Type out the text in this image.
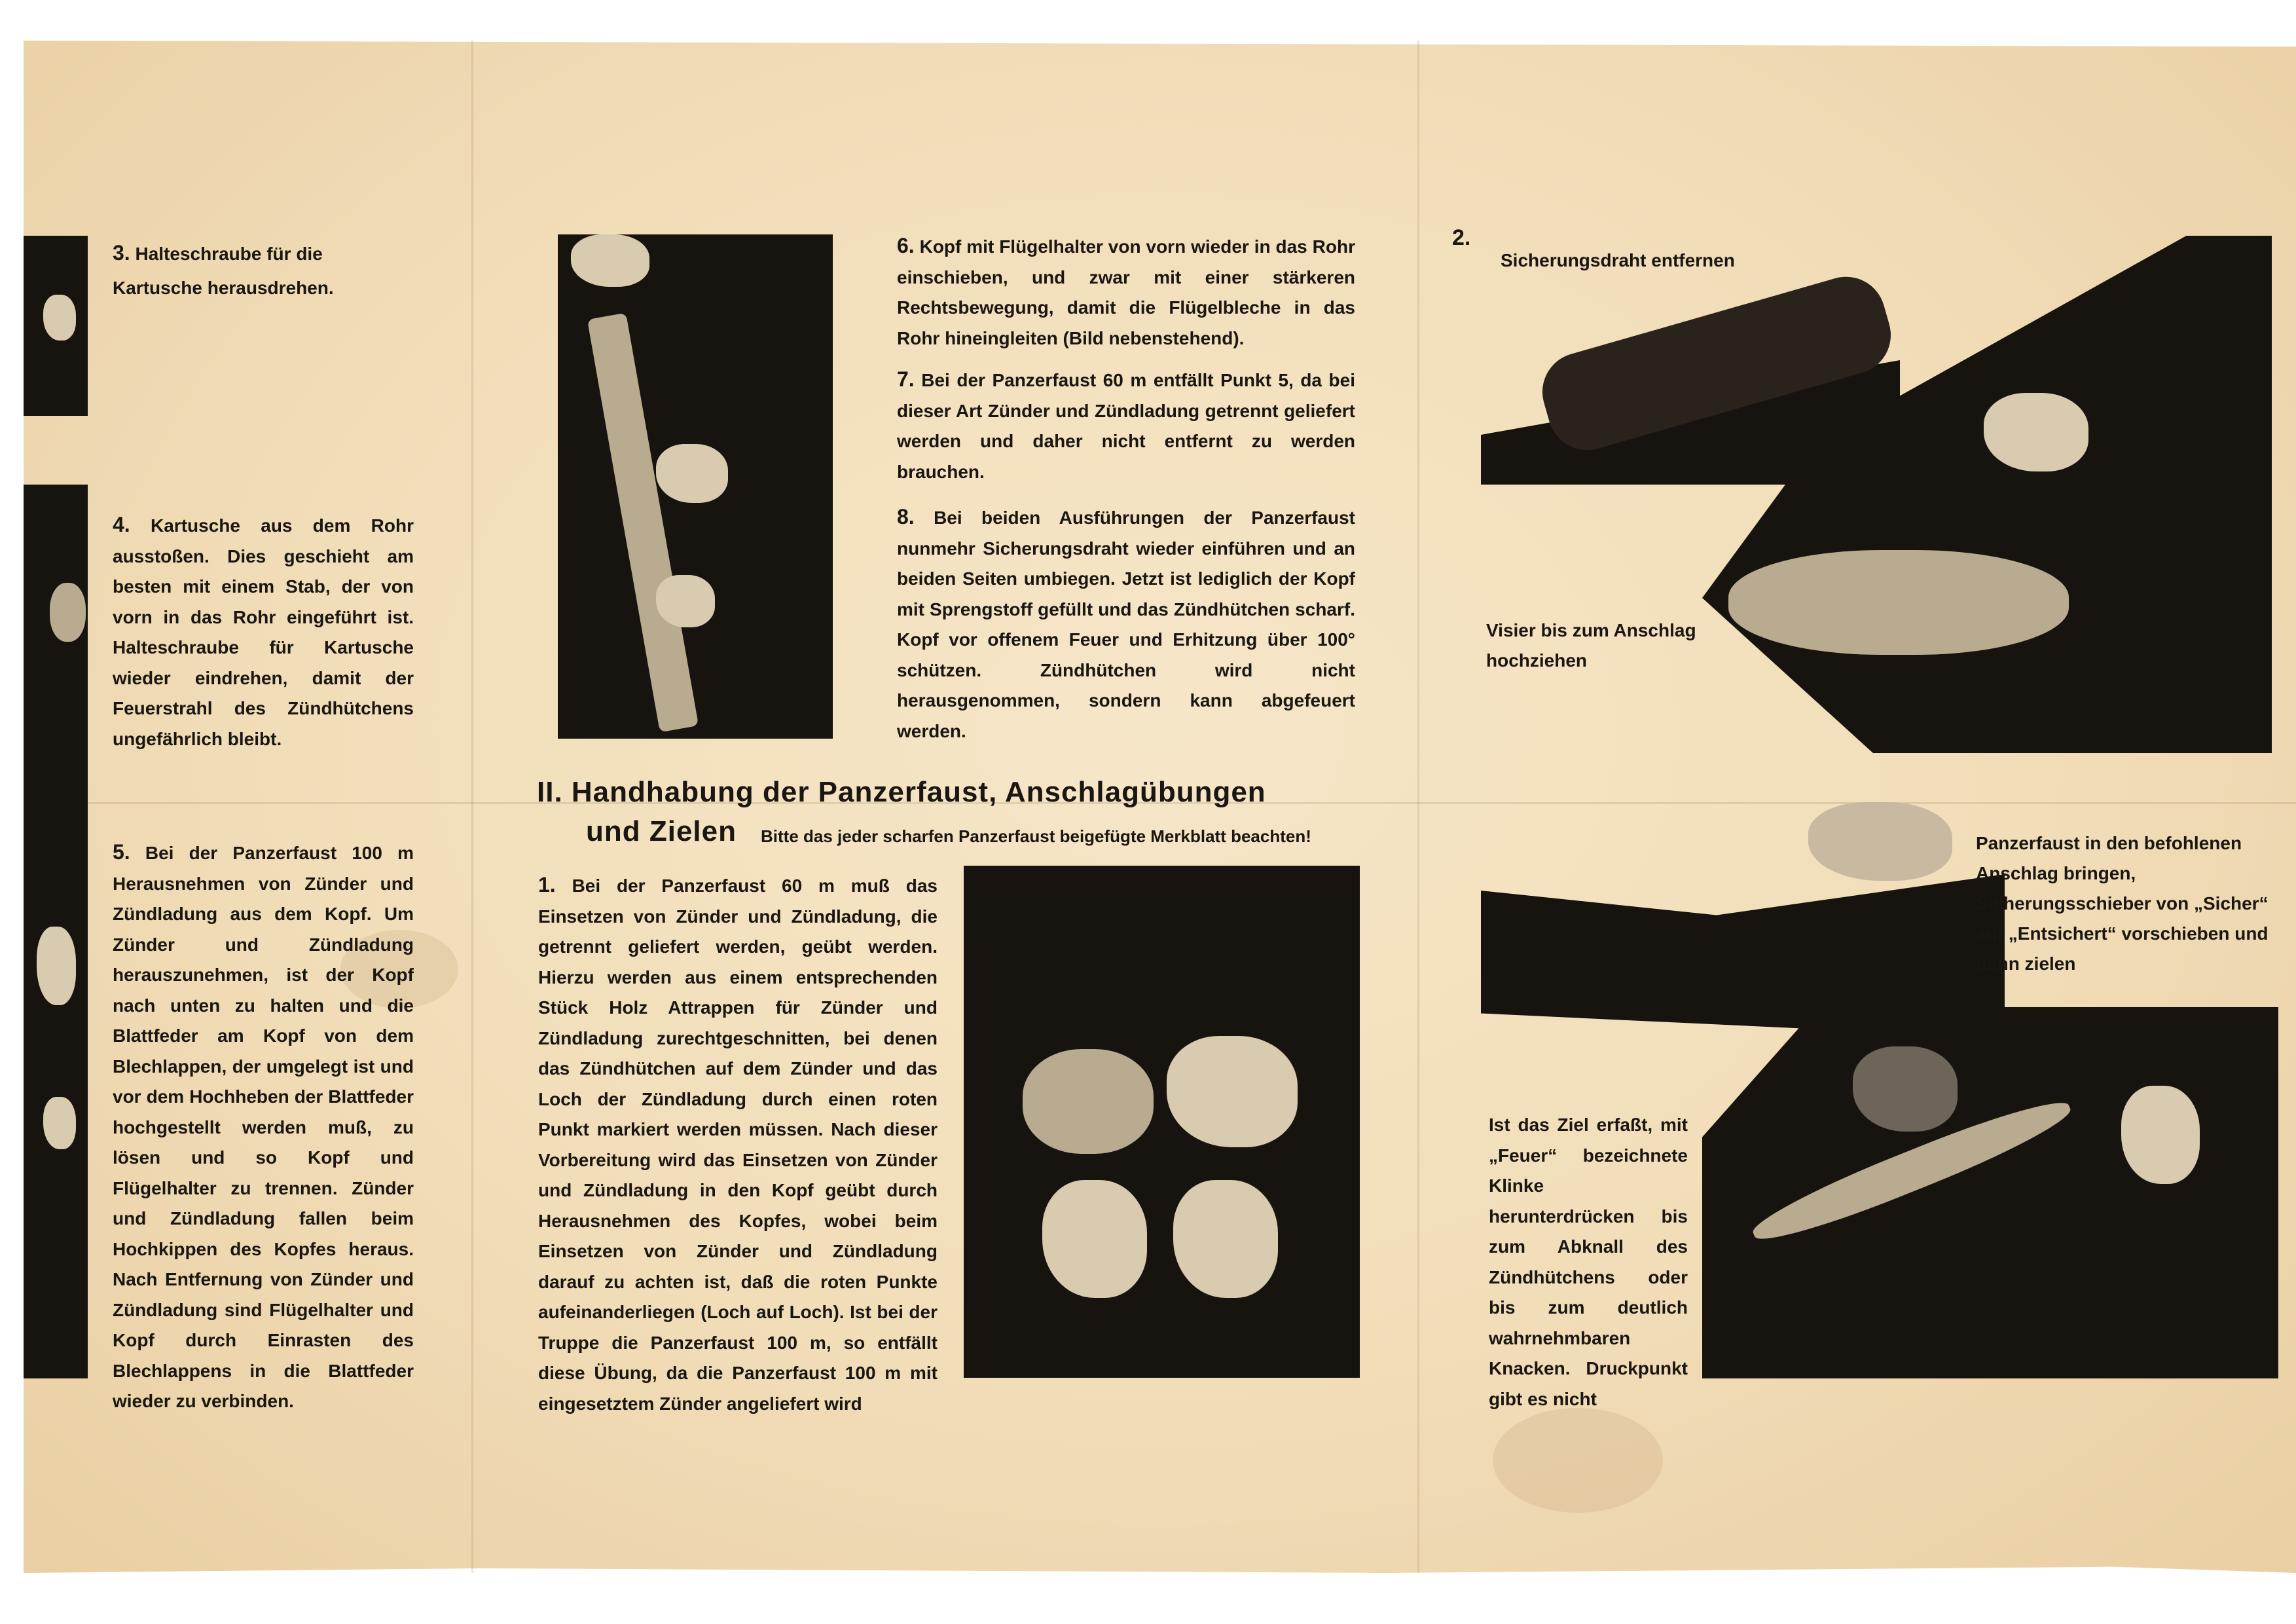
3. Halteschraube für die Kartusche herausdrehen.
4. Kartusche aus dem Rohr ausstoßen. Dies geschieht am besten mit einem Stab, der von vorn in das Rohr eingeführt ist. Halteschraube für Kartusche wieder eindrehen, damit der Feuerstrahl des Zündhütchens ungefährlich bleibt.
5. Bei der Panzerfaust 100 m Herausnehmen von Zünder und Zündladung aus dem Kopf. Um Zünder und Zündladung herauszunehmen, ist der Kopf nach unten zu halten und die Blattfeder am Kopf von dem Blechlappen, der umgelegt ist und vor dem Hochheben der Blattfeder hochgestellt werden muß, zu lösen und so Kopf und Flügelhalter zu trennen. Zünder und Zündladung fallen beim Hochkippen des Kopfes heraus. Nach Entfernung von Zünder und Zündladung sind Flügelhalter und Kopf durch Einrasten des Blechlappens in die Blattfeder wieder zu verbinden.
6. Kopf mit Flügelhalter von vorn wieder in das Rohr einschieben, und zwar mit einer stärkeren Rechtsbewegung, damit die Flügelbleche in das Rohr hineingleiten (Bild nebenstehend).
7. Bei der Panzerfaust 60 m entfällt Punkt 5, da bei dieser Art Zünder und Zündladung getrennt geliefert werden und daher nicht entfernt zu werden brauchen.
8. Bei beiden Ausführungen der Panzerfaust nunmehr Sicherungsdraht wieder einführen und an beiden Seiten umbiegen. Jetzt ist lediglich der Kopf mit Sprengstoff gefüllt und das Zündhütchen scharf. Kopf vor offenem Feuer und Erhitzung über 100° schützen. Zündhütchen wird nicht herausgenommen, sondern kann abgefeuert werden.
II. Handhabung der Panzerfaust, Anschlagübungen
und Zielen Bitte das jeder scharfen Panzerfaust beigefügte Merkblatt beachten!
1. Bei der Panzerfaust 60 m muß das Einsetzen von Zünder und Zündladung, die getrennt geliefert werden, geübt werden. Hierzu werden aus einem entsprechenden Stück Holz Attrappen für Zünder und Zündladung zurechtgeschnitten, bei denen das Zündhütchen auf dem Zünder und das Loch der Zündladung durch einen roten Punkt markiert werden müssen. Nach dieser Vorbereitung wird das Einsetzen von Zünder und Zündladung in den Kopf geübt durch Herausnehmen des Kopfes, wobei beim Einsetzen von Zünder und Zündladung darauf zu achten ist, daß die roten Punkte aufeinanderliegen (Loch auf Loch). Ist bei der Truppe die Panzerfaust 100 m, so entfällt diese Übung, da die Panzerfaust 100 m mit eingesetztem Zünder angeliefert wird
2.
Sicherungsdraht entfernen
Visier bis zum Anschlag hochziehen
Panzerfaust in den befohlenen Anschlag bringen, Sicherungsschieber von „Sicher“ auf „Entsichert“ vorschieben und dann zielen
Ist das Ziel erfaßt, mit „Feuer“ bezeichnete Klinke herunterdrücken bis zum Abknall des Zündhütchens oder bis zum deutlich wahrnehmbaren Knacken. Druckpunkt gibt es nicht
